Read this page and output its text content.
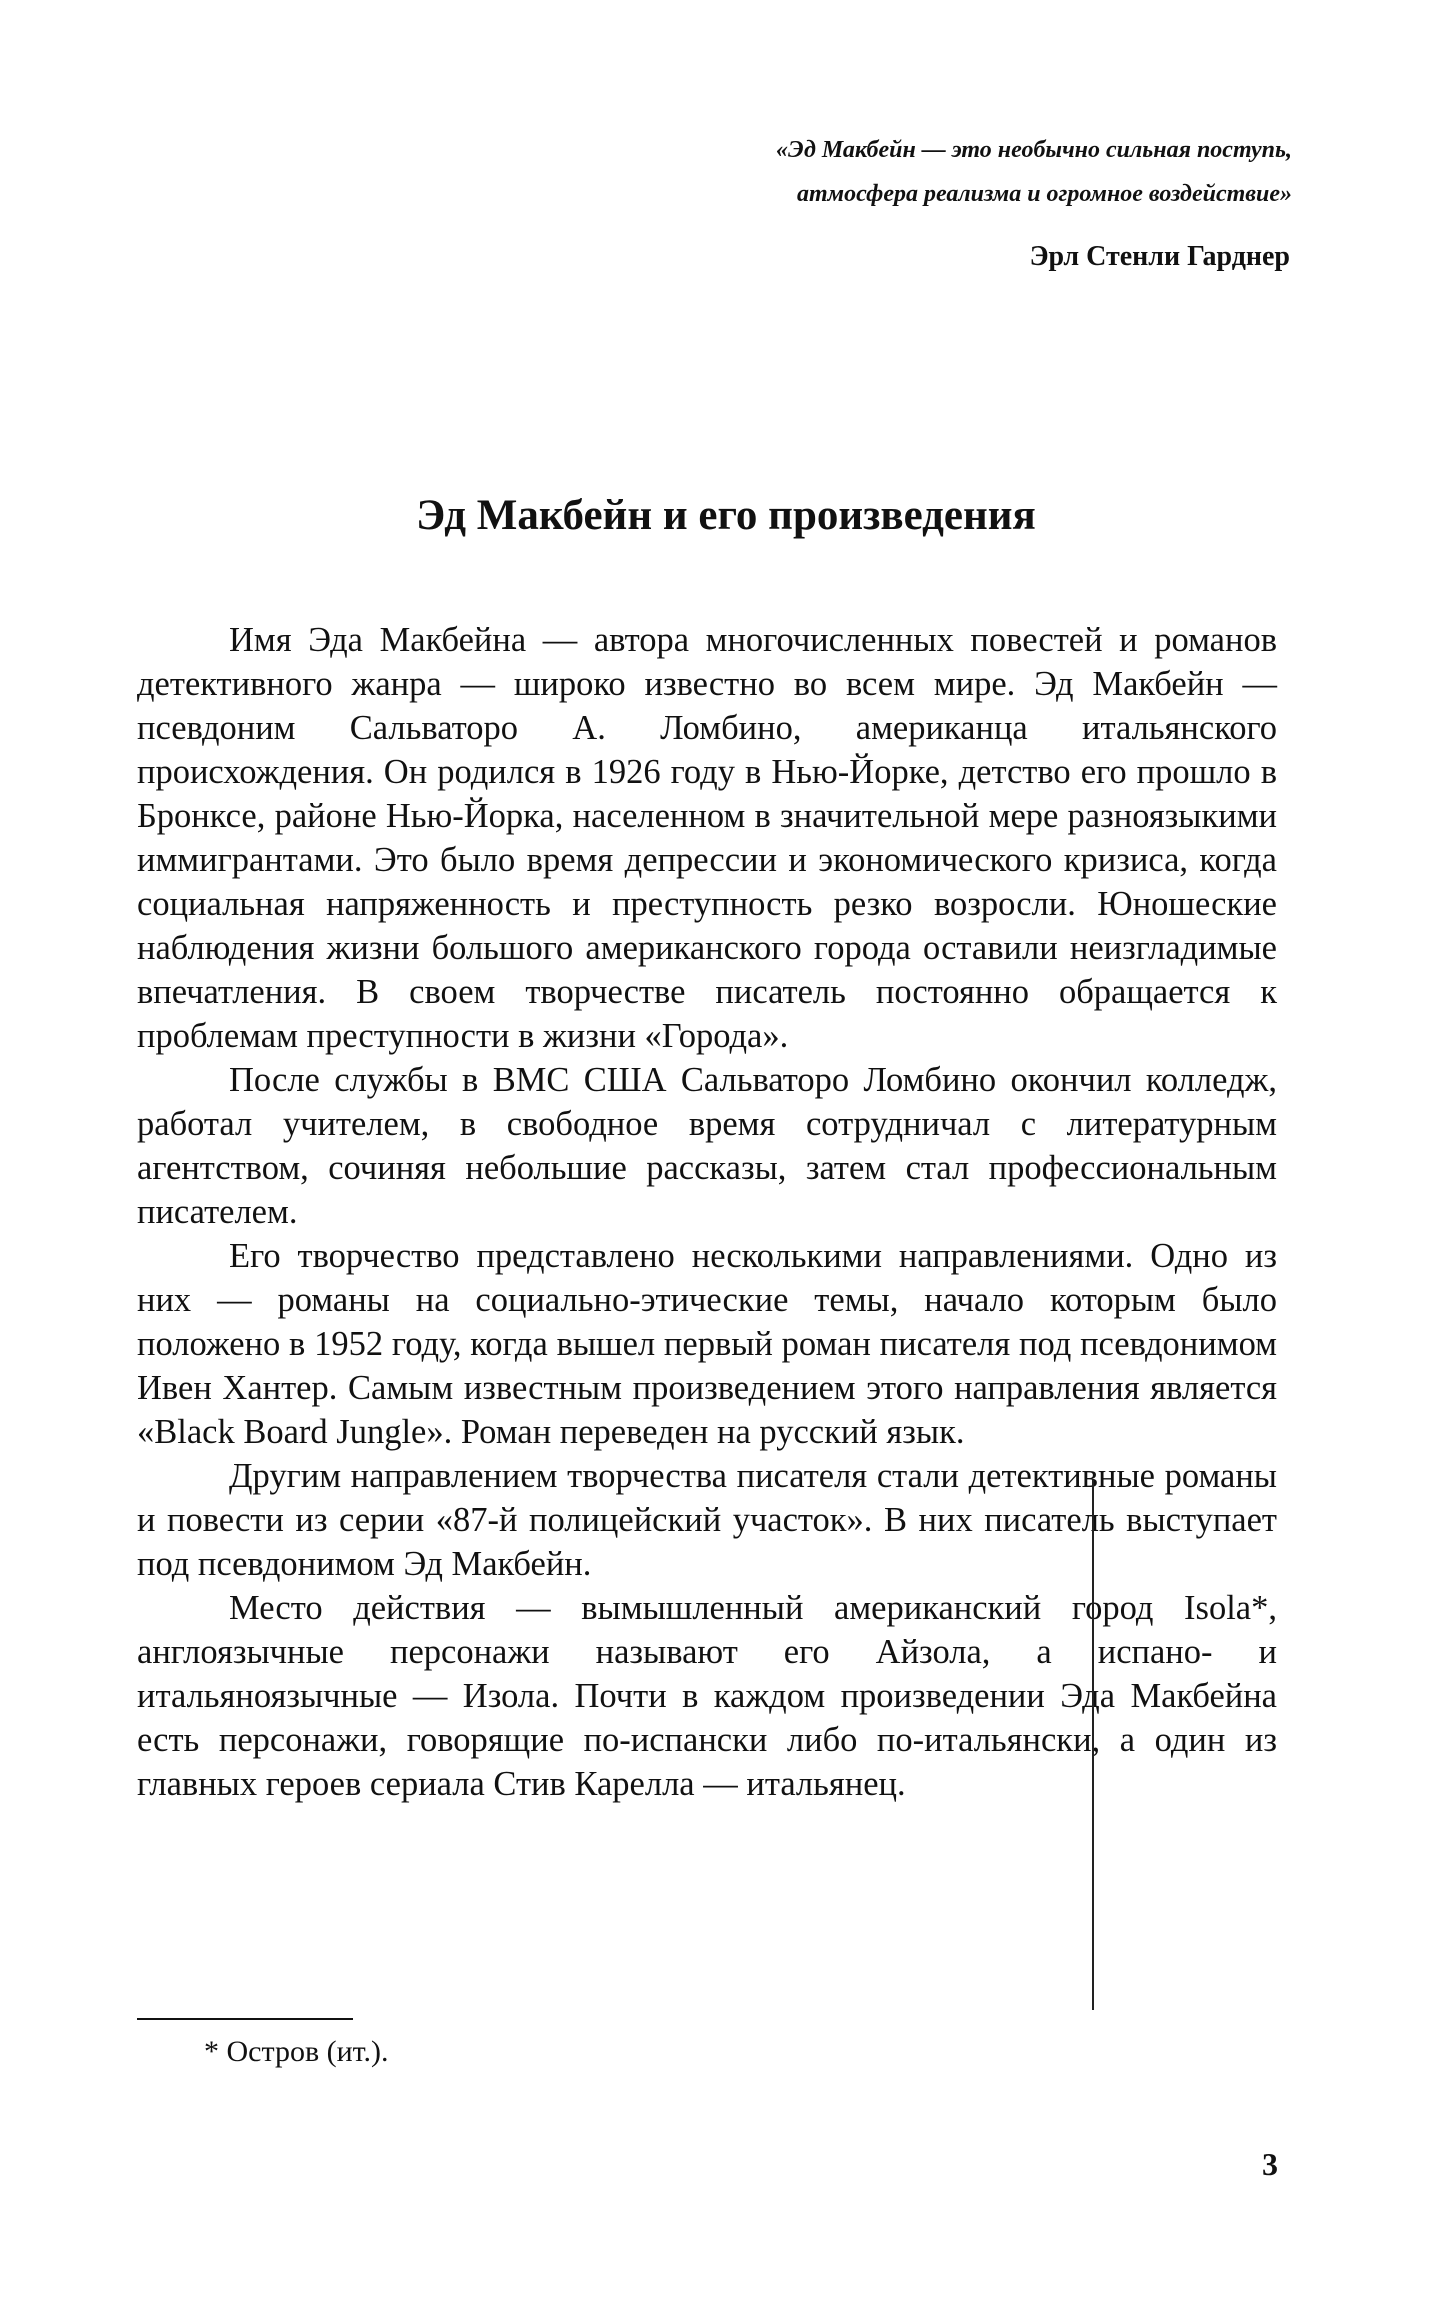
«Эд Макбейн — это необычно сильная поступь,
атмосфера реализма и огромное воздействие»
Эрл Стенли Гарднер
Эд Макбейн и его произведения

Имя Эда Макбейна — автора многочисленных повестей и романов детективного жанра — широко известно во всем мире. Эд Макбейн — псевдоним Сальваторо А. Ломбино, американца итальянского происхождения. Он родился в 1926 году в Нью-Йорке, детство его прошло в Бронксе, районе Нью-Йорка, населенном в значительной мере разноязыкими иммигрантами. Это было время депрессии и экономического кризиса, когда социальная напряженность и преступность резко возросли. Юношеские наблюдения жизни большого американского города оставили неизгладимые впечатления. В своем творчестве писатель постоянно обращается к проблемам преступности в жизни «Города».

После службы в ВМС США Сальваторо Ломбино окончил колледж, работал учителем, в свободное время сотрудничал с литературным агентством, сочиняя небольшие рассказы, затем стал профессиональным писателем.

Его творчество представлено несколькими направлениями. Одно из них — романы на социально-этические темы, начало которым было положено в 1952 году, когда вышел первый роман писателя под псевдонимом Ивен Хантер. Самым известным произведением этого направления является «Black Board Jungle». Роман переведен на русский язык.

Другим направлением творчества писателя стали детективные романы и повести из серии «87-й полицейский участок». В них писатель выступает под псевдонимом Эд Макбейн.

Место действия — вымышленный американский город Isola*, англоязычные персонажи называют его Айзола, а испано- и итальяноязычные — Изола. Почти в каждом произведении Эда Макбейна есть персонажи, говорящие по-испански либо по-итальянски, а один из главных героев сериала Стив Карелла — итальянец.

* Остров (ит.).
3
